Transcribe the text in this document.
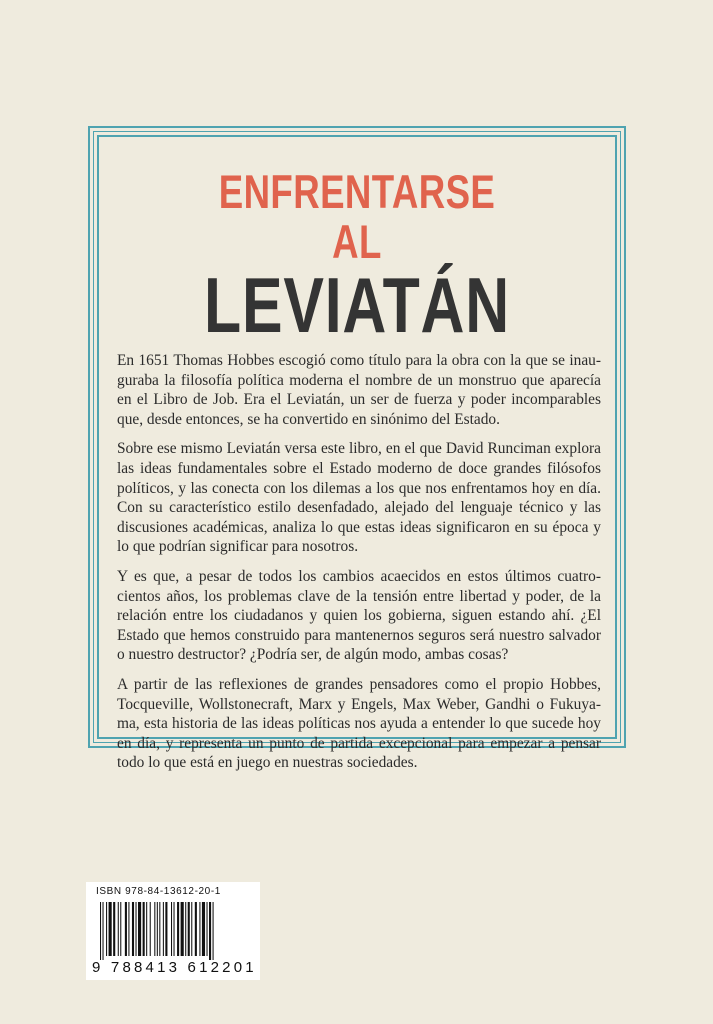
ENFRENTARSE
AL
LEVIATÁN

En 1651 Thomas Hobbes escogió como título para la obra con la que se inauguraba la filosofía política moderna el nombre de un monstruo que aparecía en el Libro de Job. Era el Leviatán, un ser de fuerza y poder incomparables que, desde entonces, se ha convertido en sinónimo del Estado.

Sobre ese mismo Leviatán versa este libro, en el que David Runciman explora las ideas fundamentales sobre el Estado moderno de doce grandes filósofos políticos, y las conecta con los dilemas a los que nos enfrentamos hoy en día. Con su característico estilo desenfadado, alejado del lenguaje técnico y las discusiones académicas, analiza lo que estas ideas significaron en su época y lo que podrían significar para nosotros.

Y es que, a pesar de todos los cambios acaecidos en estos últimos cuatrocientos años, los problemas clave de la tensión entre libertad y poder, de la relación entre los ciudadanos y quien los gobierna, siguen estando ahí. ¿El Estado que hemos construido para mantenernos seguros será nuestro salvador o nuestro destructor? ¿Podría ser, de algún modo, ambas cosas?

A partir de las reflexiones de grandes pensadores como el propio Hobbes, Tocqueville, Wollstonecraft, Marx y Engels, Max Weber, Gandhi o Fukuyama, esta historia de las ideas políticas nos ayuda a entender lo que sucede hoy en día, y representa un punto de partida excepcional para empezar a pensar todo lo que está en juego en nuestras sociedades.

ISBN 978-84-13612-20-1
9 788413 612201
